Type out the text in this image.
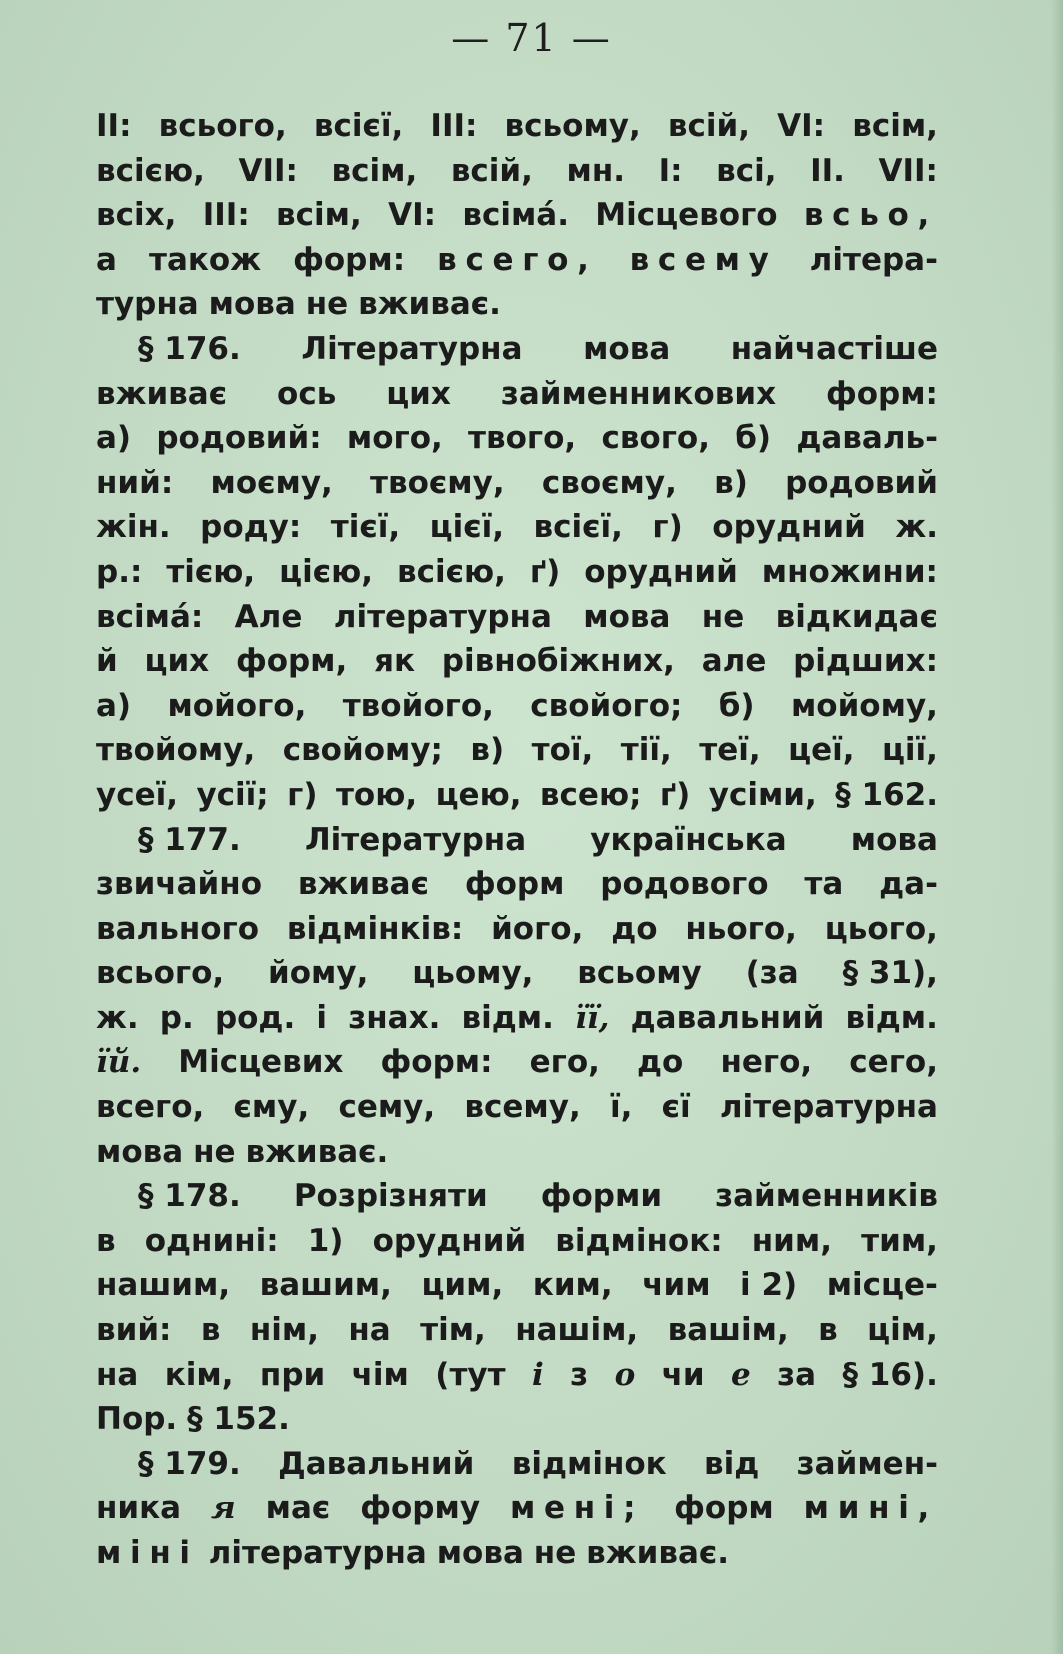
— 71 —
II: всього, всієї, III: всьому, всій, VI: всім,
всією, VII: всім, всій, мн. I: всі, II. VII:
всіх, III: всім, VI: всімá. Місцевого всьо,
а також форм: всего, всему літера-
турна мова не вживає.
§ 176. Літературна мова найчастіше
вживає ось цих займенникових форм:
а) родовий: мого, твого, свого, б) даваль-
ний: моєму, твоєму, своєму, в) родовий
жін. роду: тієї, цієї, всієї, г) орудний ж.
р.: тією, цією, всією, ґ) орудний множини:
всімá: Але літературна мова не відкидає
й цих форм, як рівнобіжних, але рідших:
а) мойого, твойого, свойого; б) мойому,
твойому, свойому; в) тої, тії, теї, цеї, ції,
усеї, усії; г) тою, цею, всею; ґ) усіми, § 162.
§ 177. Літературна українська мова
звичайно вживає форм родового та да-
вального відмінків: його, до нього, цього,
всього, йому, цьому, всьому (за § 31),
ж. р. род. і знах. відм. її, давальний відм.
їй. Місцевих форм: его, до него, сего,
всего, єму, сему, всему, ї, єї літературна
мова не вживає.
§ 178. Розрізняти форми займенників
в однині: 1) орудний відмінок: ним, тим,
нашим, вашим, цим, ким, чим і 2) місце-
вий: в нім, на тім, нашім, вашім, в цім,
на кім, при чім (тут і з о чи е за § 16).
Пор. § 152.
§ 179. Давальний відмінок від займен-
ника я має форму мені; форм мині,
мінi літературна мова не вживає.
